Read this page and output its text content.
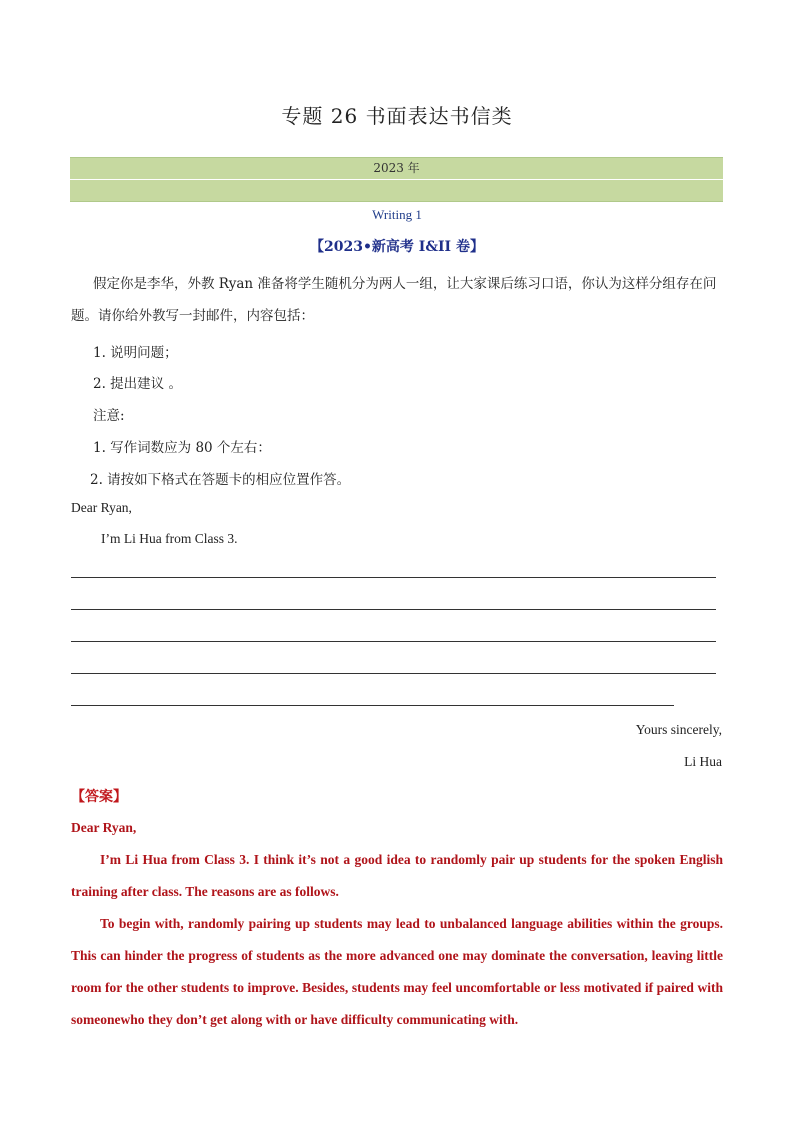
专题 26 书面表达书信类
2023 年
Writing 1
【2023•新高考 I&II 卷】
假定你是李华，外教 Ryan 准备将学生随机分为两人一组，让大家课后练习口语，你认为这样分组存在问题。请你给外教写一封邮件，内容包括：
1. 说明问题；
2. 提出建议 。
注意:
1. 写作词数应为 80 个左右：
2. 请按如下格式在答题卡的相应位置作答。
Dear Ryan,
I’m Li Hua from Class 3.
Yours sincerely,
Li Hua
【答案】
Dear Ryan,
I’m Li Hua from Class 3. I think it’s not a good idea to randomly pair up students for the spoken English training after class. The reasons are as follows.
To begin with, randomly pairing up students may lead to unbalanced language abilities within the groups. This can hinder the progress of students as the more advanced one may dominate the conversation, leaving little room for the other students to improve. Besides, students may feel uncomfortable or less motivated if paired with someonewho they don’t get along with or have difficulty communicating with.
